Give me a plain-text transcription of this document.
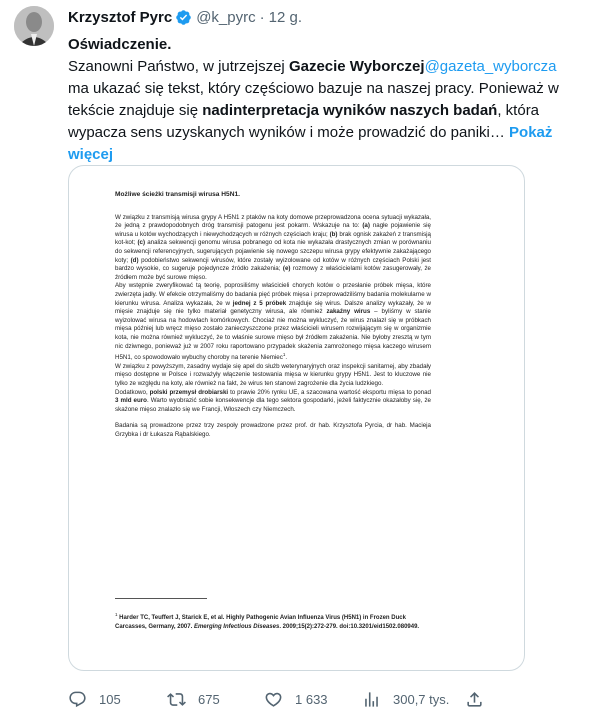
Krzysztof Pyrc @k_pyrc · 12 g.

Oświadczenie.

Szanowni Państwo, w jutrzejszej Gazecie Wyborczej@gazeta_wyborcza ma ukazać się tekst, który częściowo bazuje na naszej pracy. Ponieważ w tekście znajduje się nadinterpretacja wyników naszych badań, która wypacza sens uzyskanych wyników i może prowadzić do paniki… Pokaż więcej

Możliwe ścieżki transmisji wirusa H5N1.

W związku z transmisją wirusa grypy A H5N1 z ptaków na koty domowe przeprowadzona ocena sytuacji wykazała, że jedną z prawdopodobnych dróg transmisji patogenu jest pokarm. Wskazuje na to: (a) nagłe pojawienie się wirusa u kotów wychodzących i niewychodzących w różnych częściach kraju; (b) brak ognisk zakażeń z transmisją kot-kot; (c) analiza sekwencji genomu wirusa pobranego od kota nie wykazała drastycznych zmian w porównaniu do sekwencji referencyjnych, sugerujących pojawienie się nowego szczepu wirusa grypy efektywnie zakażającego koty; (d) podobieństwo sekwencji wirusów, które zostały wyizolowane od kotów w różnych częściach Polski jest bardzo wysokie, co sugeruje pojedyncze źródło zakażenia; (e) rozmowy z właścicielami kotów zasugerowały, że źródłem może być surowe mięso.

Aby wstępnie zweryfikować tą teorię, poprosiliśmy właścicieli chorych kotów o przesłanie próbek mięsa, które zwierzęta jadły. W efekcie otrzymaliśmy do badania pięć próbek mięsa i przeprowadziliśmy badania molekularne w kierunku wirusa. Analiza wykazała, że w jednej z 5 próbek znajduje się wirus. Dalsze analizy wykazały, że w mięsie znajduje się nie tylko materiał genetyczny wirusa, ale również zakaźny wirus – byliśmy w stanie wyizolować wirusa na hodowlach komórkowych. Chociaż nie można wykluczyć, że wirus znalazł się w próbkach mięsa później lub wręcz mięso zostało zanieczyszczone przez właścicieli wirusem rozwijającym się w organizmie kota, nie można również wykluczyć, że to właśnie surowe mięso był źródłem zakażenia. Nie byłoby zresztą w tym nic dziwnego, ponieważ już w 2007 roku raportowano przypadek skażenia zamrożonego mięsa kaczego wirusem H5N1, co spowodowało wybuchy choroby na terenie Niemiec$^1$.

W związku z powyższym, zasadny wydaje się apel do służb weterynaryjnych oraz inspekcji sanitarnej, aby zbadały mięso dostępne w Polsce i rozważyły włączenie testowania mięsa w kierunku grypy H5N1. Jest to kluczowe nie tylko ze względu na koty, ale również na fakt, że wirus ten stanowi zagrożenie dla życia ludzkiego.

Dodatkowo, polski przemysł drobiarski to prawie 20% rynku UE, a szacowana wartość eksportu mięsa to ponad 3 mld euro. Warto wyobrazić sobie konsekwencje dla tego sektora gospodarki, jeżeli faktycznie okazałoby się, że skażone mięso znalazło się we Francji, Włoszech czy Niemczech.

Badania są prowadzone przez trzy zespoły prowadzone przez prof. dr hab. Krzysztofa Pyrcia, dr hab. Macieja Grzybka i dr Łukasza Rąbalskiego.

$^1$ Harder TC, Teuffert J, Starick E, et al. Highly Pathogenic Avian Influenza Virus (H5N1) in Frozen Duck Carcasses, Germany, 2007. Emerging Infectious Diseases. 2009;15(2):272-279. doi:10.3201/eid1502.080949.
105	675	1 633	300,7 tys.
